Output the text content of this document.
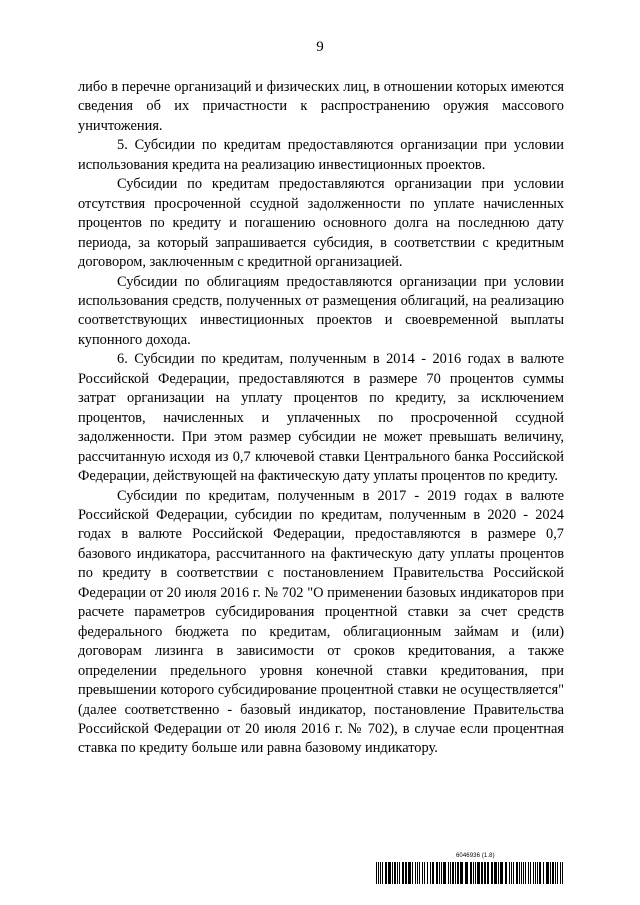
9

либо в перечне организаций и физических лиц, в отношении которых имеются сведения об их причастности к распространению оружия массового уничтожения.

5. Субсидии по кредитам предоставляются организации при условии использования кредита на реализацию инвестиционных проектов.

Субсидии по кредитам предоставляются организации при условии отсутствия просроченной ссудной задолженности по уплате начисленных процентов по кредиту и погашению основного долга на последнюю дату периода, за который запрашивается субсидия, в соответствии с кредитным договором, заключенным с кредитной организацией.

Субсидии по облигациям предоставляются организации при условии использования средств, полученных от размещения облигаций, на реализацию соответствующих инвестиционных проектов и своевременной выплаты купонного дохода.

6. Субсидии по кредитам, полученным в 2014 - 2016 годах в валюте Российской Федерации, предоставляются в размере 70 процентов суммы затрат организации на уплату процентов по кредиту, за исключением процентов, начисленных и уплаченных по просроченной ссудной задолженности. При этом размер субсидии не может превышать величину, рассчитанную исходя из 0,7 ключевой ставки Центрального банка Российской Федерации, действующей на фактическую дату уплаты процентов по кредиту.

Субсидии по кредитам, полученным в 2017 - 2019 годах в валюте Российской Федерации, субсидии по кредитам, полученным в 2020 - 2024 годах в валюте Российской Федерации, предоставляются в размере 0,7 базового индикатора, рассчитанного на фактическую дату уплаты процентов по кредиту в соответствии с постановлением Правительства Российской Федерации от 20 июля 2016 г. № 702 "О применении базовых индикаторов при расчете параметров субсидирования процентной ставки за счет средств федерального бюджета по кредитам, облигационным займам и (или) договорам лизинга в зависимости от сроков кредитования, а также определении предельного уровня конечной ставки кредитования, при превышении которого субсидирование процентной ставки не осуществляется" (далее соответственно - базовый индикатор, постановление Правительства Российской Федерации от 20 июля 2016 г. № 702), в случае если процентная ставка по кредиту больше или равна базовому индикатору.

6046936 (1.8)
